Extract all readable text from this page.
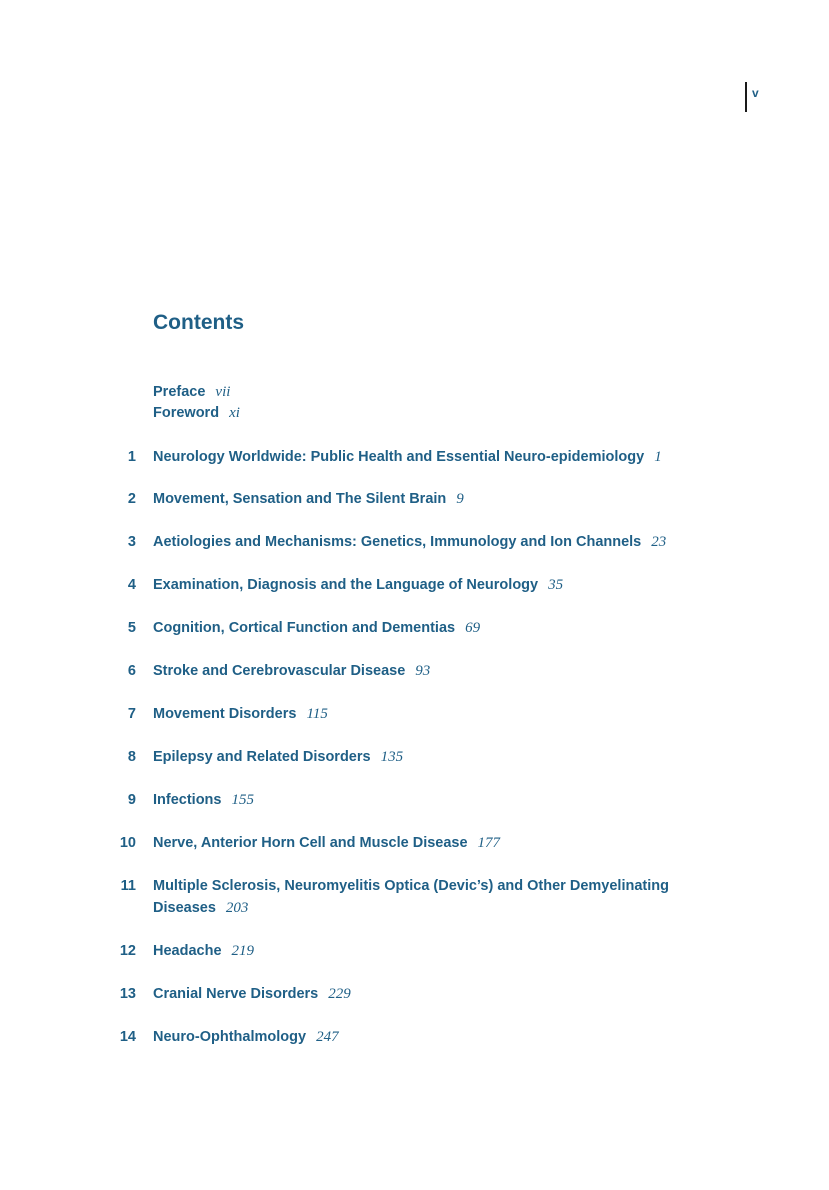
v
Contents
Preface vii
Foreword xi
1 Neurology Worldwide: Public Health and Essential Neuro-epidemiology 1
2 Movement, Sensation and The Silent Brain 9
3 Aetiologies and Mechanisms: Genetics, Immunology and Ion Channels 23
4 Examination, Diagnosis and the Language of Neurology 35
5 Cognition, Cortical Function and Dementias 69
6 Stroke and Cerebrovascular Disease 93
7 Movement Disorders 115
8 Epilepsy and Related Disorders 135
9 Infections 155
10 Nerve, Anterior Horn Cell and Muscle Disease 177
11 Multiple Sclerosis, Neuromyelitis Optica (Devic’s) and Other Demyelinating Diseases 203
12 Headache 219
13 Cranial Nerve Disorders 229
14 Neuro-Ophthalmology 247
